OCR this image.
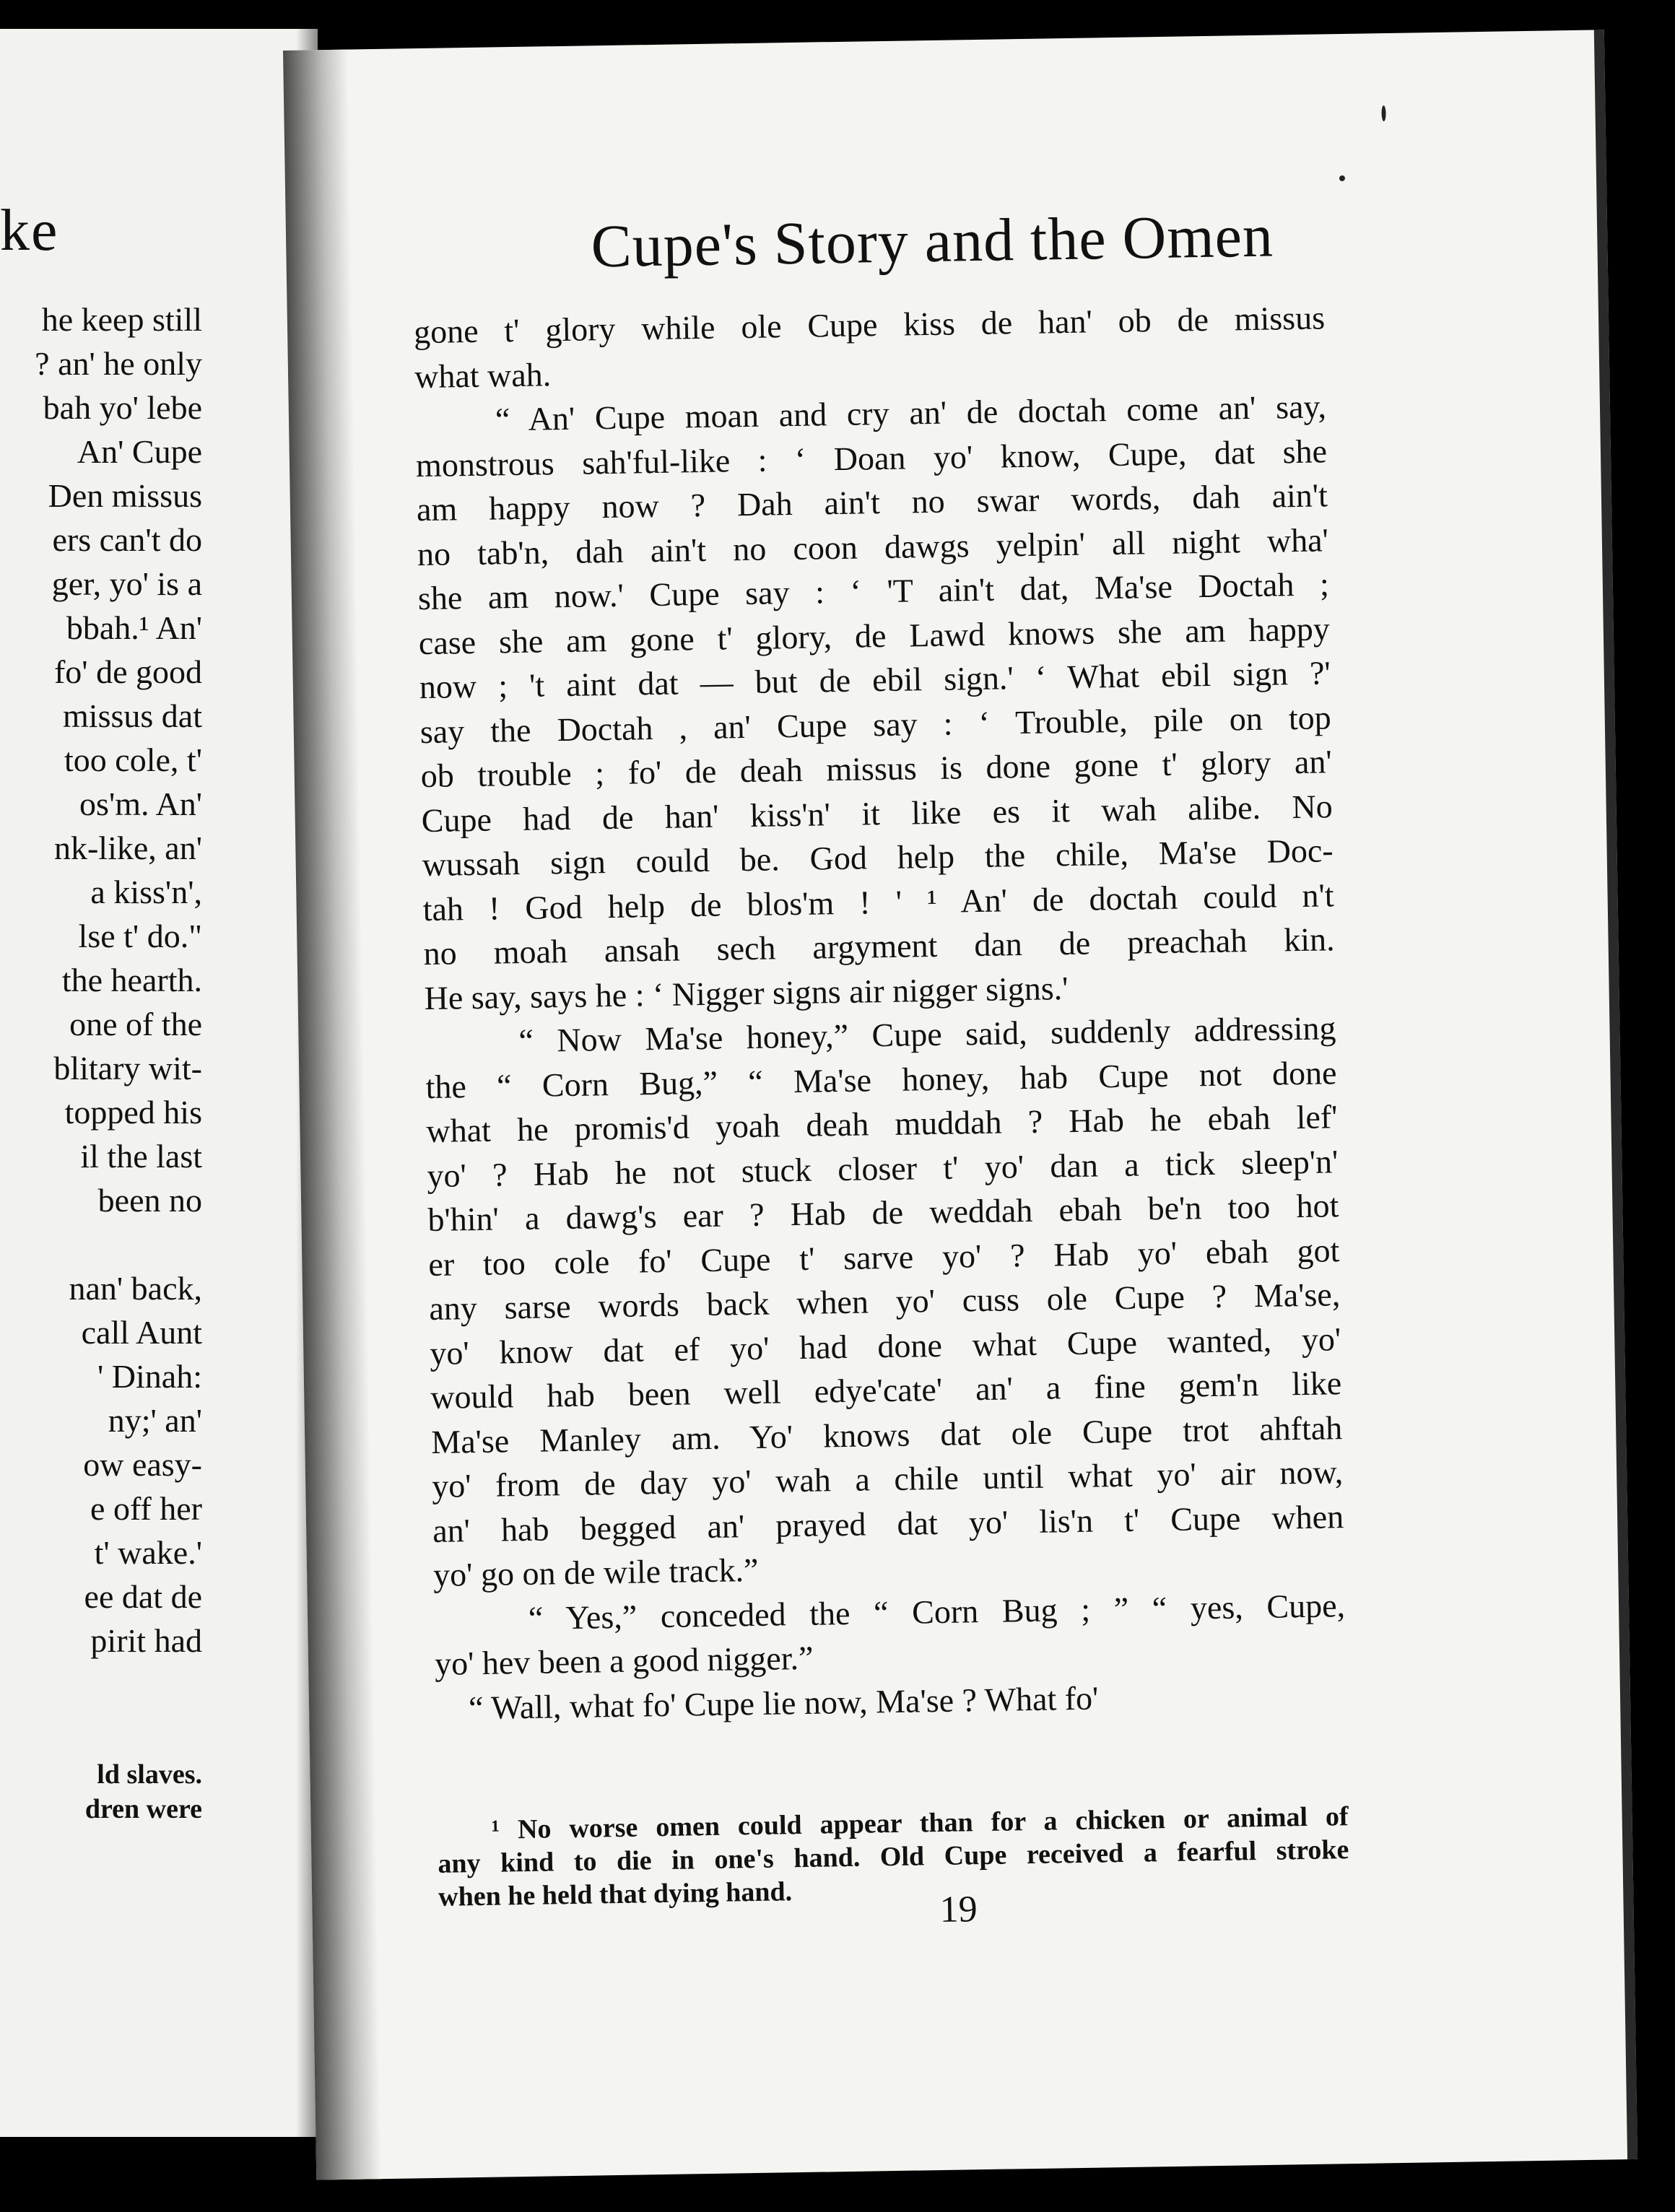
ke
he keep still
? an' he only
bah yo' lebe
An' Cupe
Den missus
ers can't do
ger, yo' is a
bbah.¹ An'
fo' de good
missus dat
too cole, t'
os'm. An'
nk-like, an'
a kiss'n',
lse t' do."
the hearth.
one of the
blitary wit-
topped his
il the last
been no
nan' back,
call Aunt
' Dinah:
ny;' an'
ow easy-
e off her
t' wake.'
ee dat de
pirit had
ld slaves.
dren were
Cupe's Story and the Omen
gone t' glory while ole Cupe kiss de han' ob de missus
what wah.
“ An' Cupe moan and cry an' de doctah come an' say,
monstrous sah'ful-like : ‘ Doan yo' know, Cupe, dat she
am happy now ? Dah ain't no swar words, dah ain't
no tab'n, dah ain't no coon dawgs yelpin' all night wha'
she am now.' Cupe say : ‘ 'T ain't dat, Ma'se Doctah ;
case she am gone t' glory, de Lawd knows she am happy
now ; 't aint dat — but de ebil sign.' ‘ What ebil sign ?'
say the Doctah , an' Cupe say : ‘ Trouble, pile on top
ob trouble ; fo' de deah missus is done gone t' glory an'
Cupe had de han' kiss'n' it like es it wah alibe. No
wussah sign could be. God help the chile, Ma'se Doc-
tah ! God help de blos'm ! ' ¹ An' de doctah could n't
no moah ansah sech argyment dan de preachah kin.
He say, says he : ‘ Nigger signs air nigger signs.'
“ Now Ma'se honey,” Cupe said, suddenly addressing
the “ Corn Bug,” “ Ma'se honey, hab Cupe not done
what he promis'd yoah deah muddah ? Hab he ebah lef'
yo' ? Hab he not stuck closer t' yo' dan a tick sleep'n'
b'hin' a dawg's ear ? Hab de weddah ebah be'n too hot
er too cole fo' Cupe t' sarve yo' ? Hab yo' ebah got
any sarse words back when yo' cuss ole Cupe ? Ma'se,
yo' know dat ef yo' had done what Cupe wanted, yo'
would hab been well edye'cate' an' a fine gem'n like
Ma'se Manley am. Yo' knows dat ole Cupe trot ahftah
yo' from de day yo' wah a chile until what yo' air now,
an' hab begged an' prayed dat yo' lis'n t' Cupe when
yo' go on de wile track.”
“ Yes,” conceded the “ Corn Bug ; ” “ yes, Cupe,
yo' hev been a good nigger.”
“ Wall, what fo' Cupe lie now, Ma'se ? What fo'
¹ No worse omen could appear than for a chicken or animal of
any kind to die in one's hand. Old Cupe received a fearful stroke
when he held that dying hand.	19
